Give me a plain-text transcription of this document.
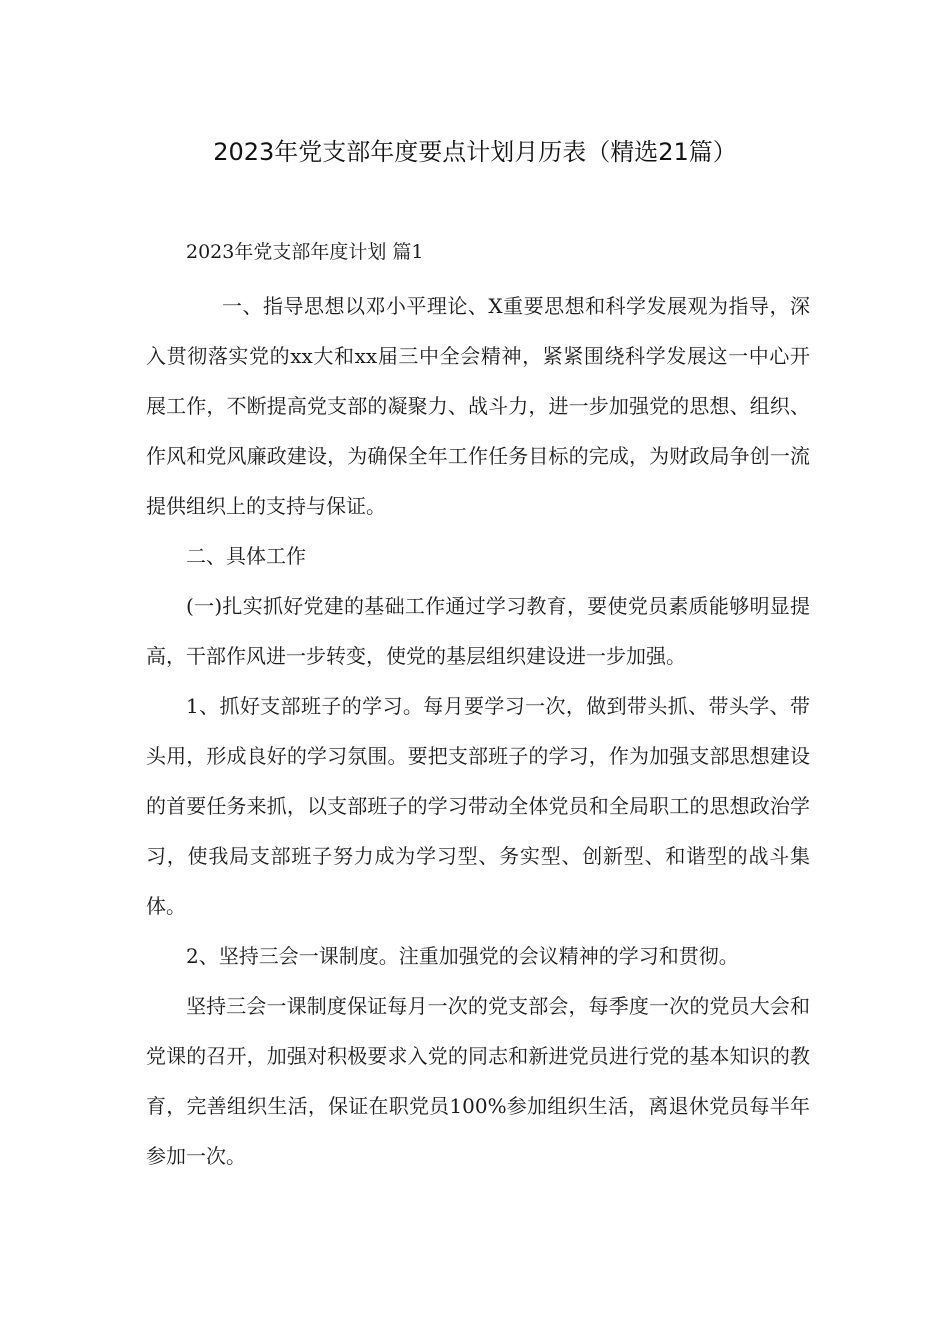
2023年党支部年度要点计划月历表（精选21篇）
2023年党支部年度计划 篇1

一、指导思想以邓小平理论、X重要思想和科学发展观为指导，深入贯彻落实党的xx大和xx届三中全会精神，紧紧围绕科学发展这一中心开展工作，不断提高党支部的凝聚力、战斗力，进一步加强党的思想、组织、作风和党风廉政建设，为确保全年工作任务目标的完成，为财政局争创一流提供组织上的支持与保证。

二、具体工作

(一)扎实抓好党建的基础工作通过学习教育，要使党员素质能够明显提高，干部作风进一步转变，使党的基层组织建设进一步加强。

1、抓好支部班子的学习。每月要学习一次，做到带头抓、带头学、带头用，形成良好的学习氛围。要把支部班子的学习，作为加强支部思想建设的首要任务来抓，以支部班子的学习带动全体党员和全局职工的思想政治学习，使我局支部班子努力成为学习型、务实型、创新型、和谐型的战斗集体。

2、坚持三会一课制度。注重加强党的会议精神的学习和贯彻。

坚持三会一课制度保证每月一次的党支部会，每季度一次的党员大会和党课的召开，加强对积极要求入党的同志和新进党员进行党的基本知识的教育，完善组织生活，保证在职党员100%参加组织生活，离退休党员每半年参加一次。
